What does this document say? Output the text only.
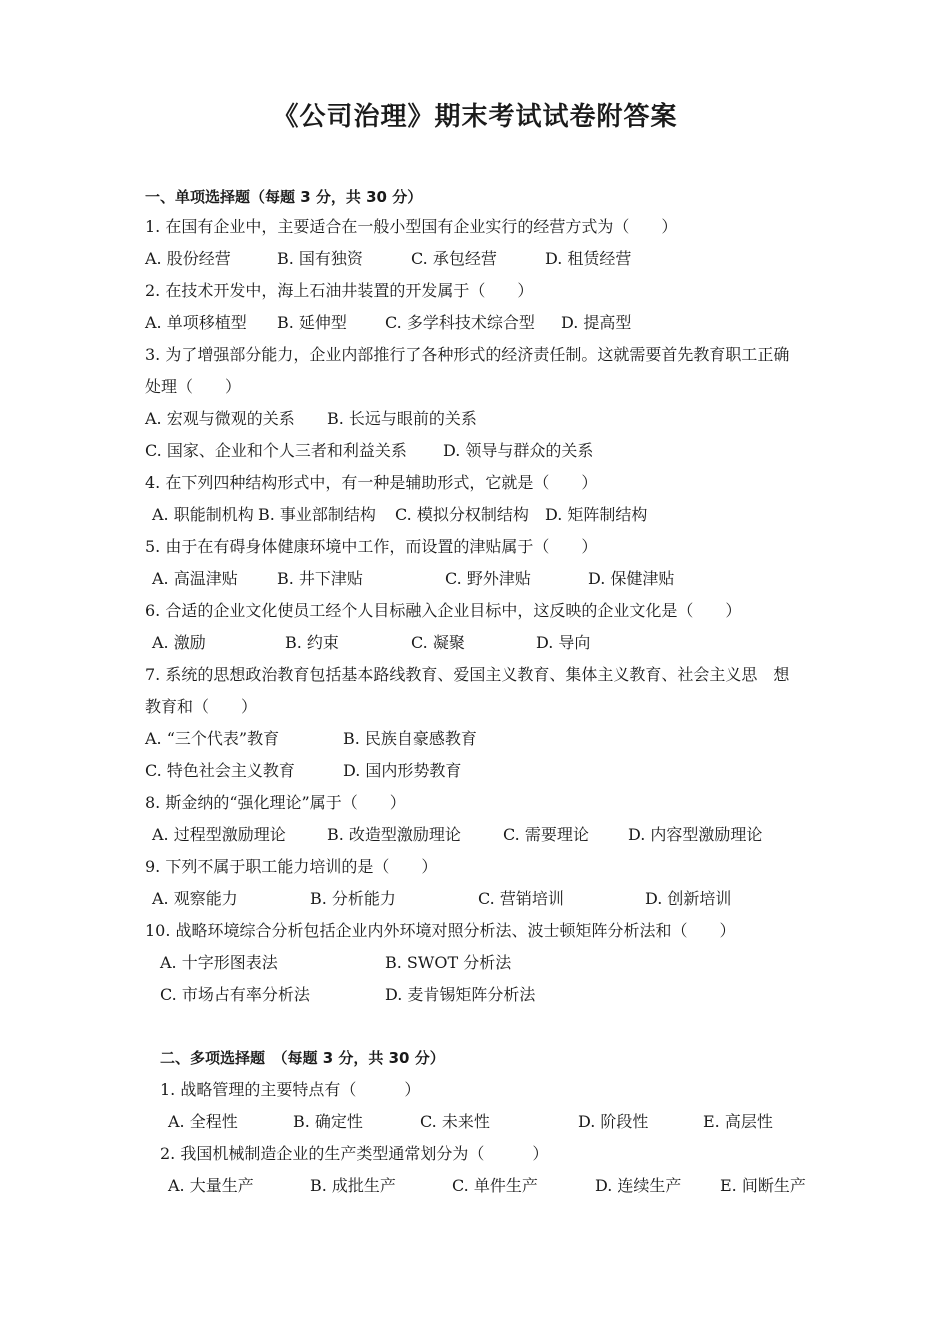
《公司治理》期末考试试卷附答案
一、单项选择题（每题 3 分，共 30 分）
1. 在国有企业中，主要适合在一般小型国有企业实行的经营方式为（　　）
A. 股份经营	B. 国有独资	C. 承包经营	D. 租赁经营
2. 在技术开发中，海上石油井装置的开发属于（　　）
A. 单项移植型 B. 延伸型 C. 多学科技术综合型 D. 提高型
3. 为了增强部分能力，企业内部推行了各种形式的经济责任制。这就需要首先教育职工正确
处理（　　）
A. 宏观与微观的关系 B. 长远与眼前的关系
C. 国家、企业和个人三者和利益关系 D. 领导与群众的关系
4. 在下列四种结构形式中，有一种是辅助形式，它就是（　　）
A. 职能制机构 B. 事业部制结构 C. 模拟分权制结构 D. 矩阵制结构
5. 由于在有碍身体健康环境中工作，而设置的津贴属于（　　）
A. 高温津贴 B. 井下津贴	C. 野外津贴	D. 保健津贴
6. 合适的企业文化使员工经个人目标融入企业目标中，这反映的企业文化是（　　）
A. 激励	B. 约束	C. 凝聚	D. 导向
7. 系统的思想政治教育包括基本路线教育、爱国主义教育、集体主义教育、社会主义思　想
教育和（　　）
A. “三个代表”教育	B. 民族自豪感教育
C. 特色社会主义教育	D. 国内形势教育
8. 斯金纳的“强化理论”属于（　　）
A. 过程型激励理论	B. 改造型激励理论	C. 需要理论 D. 内容型激励理论
9. 下列不属于职工能力培训的是（　　）
A. 观察能力	B. 分析能力	C. 营销培训	D. 创新培训
10. 战略环境综合分析包括企业内外环境对照分析法、波士顿矩阵分析法和（　　）
A. 十字形图表法	B. SWOT 分析法
C. 市场占有率分析法	D. 麦肯锡矩阵分析法
二、多项选择题　（每题 3 分，共 30 分）
1. 战略管理的主要特点有（　　　）
A. 全程性	B. 确定性	C. 未来性	D. 阶段性	E. 高层性
2. 我国机械制造企业的生产类型通常划分为（　　　）
A. 大量生产	B. 成批生产	C. 单件生产	D. 连续生产 E. 间断生产
